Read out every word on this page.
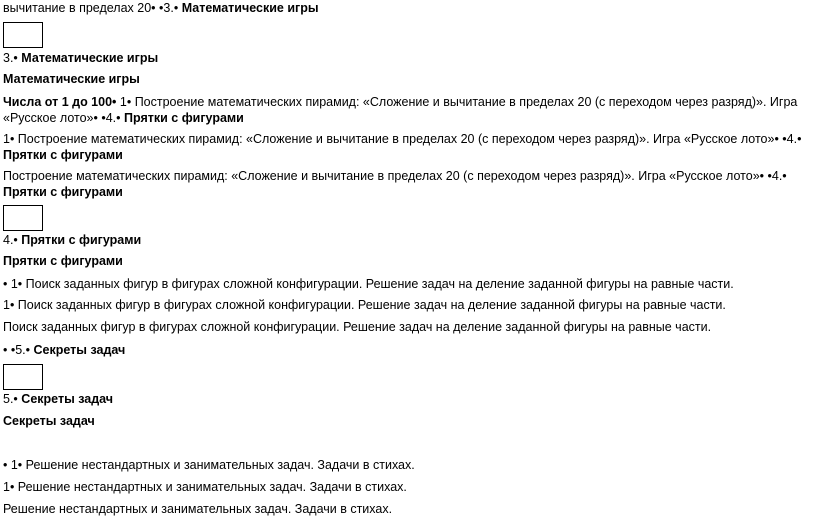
вычитание в пределах 20• •3.• Математические игры
3.• Математические игры
Математические игры
Числа от 1 до 100• 1• Построение математических пирамид: «Сложение и вычитание в пределах 20 (с переходом через разряд)». Игра «Русское лото»• •4.• Прятки с фигурами
1• Построение математических пирамид: «Сложение и вычитание в пределах 20 (с переходом через разряд)». Игра «Русское лото»• •4.• Прятки с фигурами
Построение математических пирамид: «Сложение и вычитание в пределах 20 (с переходом через разряд)». Игра «Русское лото»• •4.• Прятки с фигурами
4.• Прятки с фигурами
Прятки с фигурами
• 1• Поиск заданных фигур в фигурах сложной конфигурации. Решение задач на деление заданной фигуры на равные части.
1• Поиск заданных фигур в фигурах сложной конфигурации. Решение задач на деление заданной фигуры на равные части.
Поиск заданных фигур в фигурах сложной конфигурации. Решение задач на деление заданной фигуры на равные части.
• •5.• Секреты задач
5.• Секреты задач
Секреты задач
• 1• Решение нестандартных и занимательных задач. Задачи в стихах.
1• Решение нестандартных и занимательных задач. Задачи в стихах.
Решение нестандартных и занимательных задач. Задачи в стихах.
